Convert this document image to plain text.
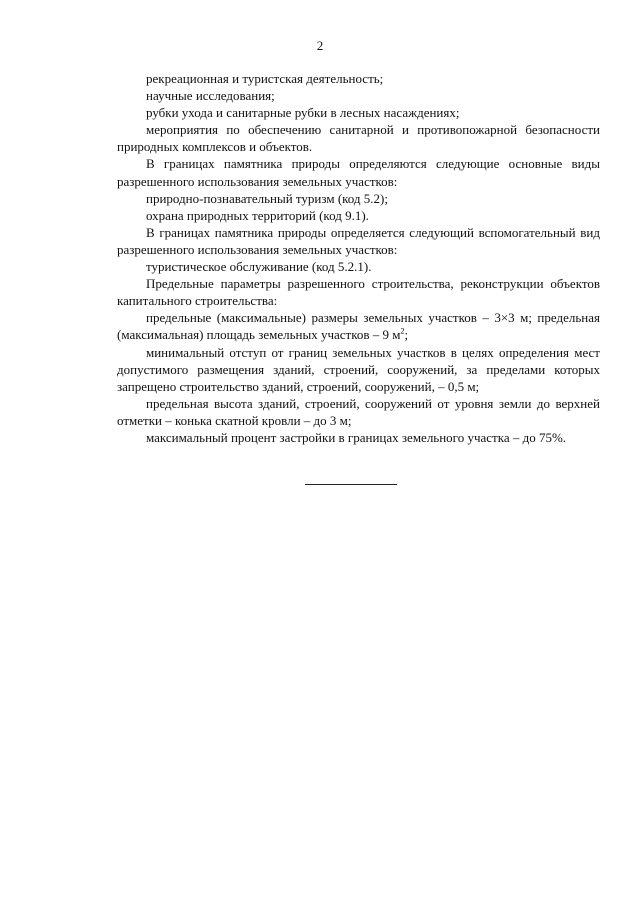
2

рекреационная и туристская деятельность;

научные исследования;

рубки ухода и санитарные рубки в лесных насаждениях;

мероприятия по обеспечению санитарной и противопожарной безопасности природных комплексов и объектов.

В границах памятника природы определяются следующие основные виды разрешенного использования земельных участков:

природно-познавательный туризм (код 5.2);

охрана природных территорий (код 9.1).

В границах памятника природы определяется следующий вспомогательный вид разрешенного использования земельных участков:

туристическое обслуживание (код 5.2.1).

Предельные параметры разрешенного строительства, реконструкции объектов капитального строительства:

предельные (максимальные) размеры земельных участков – 3×3 м; предельная (максимальная) площадь земельных участков – 9 $м^2$;

минимальный отступ от границ земельных участков в целях определения мест допустимого размещения зданий, строений, сооружений, за пределами которых запрещено строительство зданий, строений, сооружений, – 0,5 м;

предельная высота зданий, строений, сооружений от уровня земли до верхней отметки – конька скатной кровли – до 3 м;

максимальный процент застройки в границах земельного участка – до 75%.
